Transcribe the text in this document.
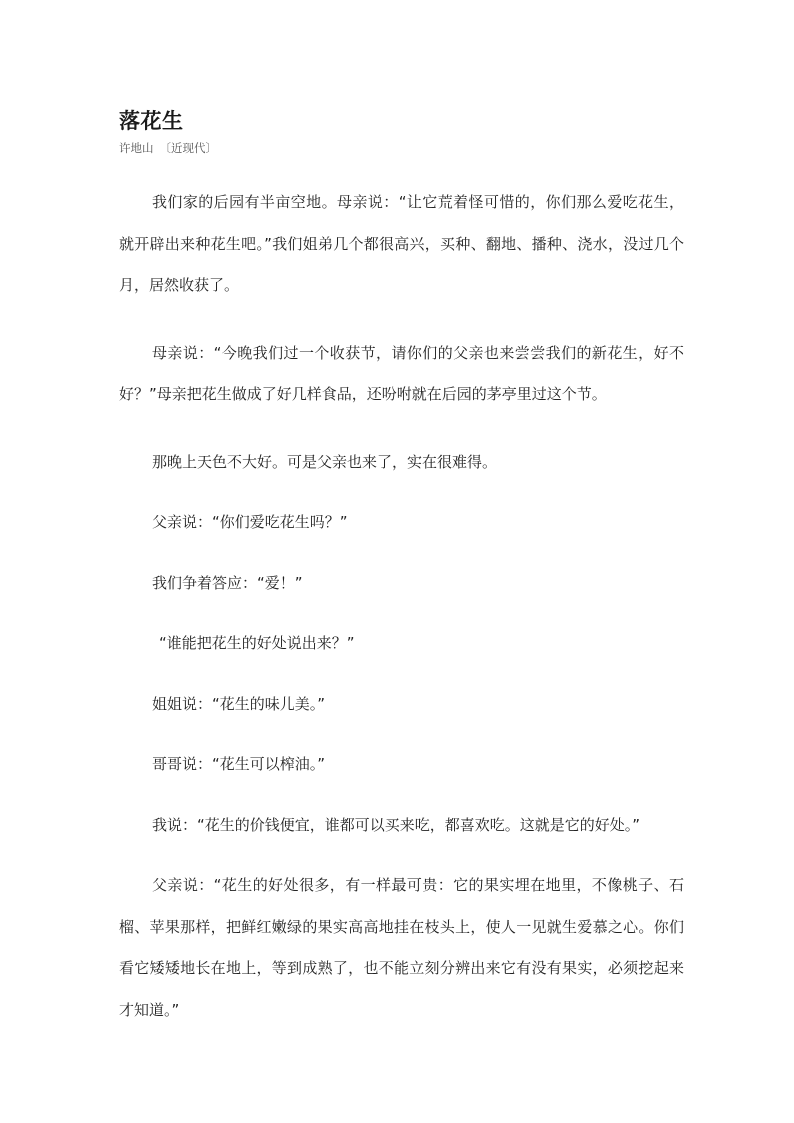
落花生
许地山 〔近现代〕

我们家的后园有半亩空地。母亲说：“让它荒着怪可惜的，你们那么爱吃花生，就开辟出来种花生吧。”我们姐弟几个都很高兴，买种、翻地、播种、浇水，没过几个月，居然收获了。

母亲说：“今晚我们过一个收获节，请你们的父亲也来尝尝我们的新花生，好不好？”母亲把花生做成了好几样食品，还吩咐就在后园的茅亭里过这个节。

那晚上天色不大好。可是父亲也来了，实在很难得。

父亲说：“你们爱吃花生吗？”

我们争着答应：“爱！”

“谁能把花生的好处说出来？”

姐姐说：“花生的味儿美。”

哥哥说：“花生可以榨油。”

我说：“花生的价钱便宜，谁都可以买来吃，都喜欢吃。这就是它的好处。”

父亲说：“花生的好处很多，有一样最可贵：它的果实埋在地里，不像桃子、石榴、苹果那样，把鲜红嫩绿的果实高高地挂在枝头上，使人一见就生爱慕之心。你们看它矮矮地长在地上，等到成熟了，也不能立刻分辨出来它有没有果实，必须挖起来才知道。”
